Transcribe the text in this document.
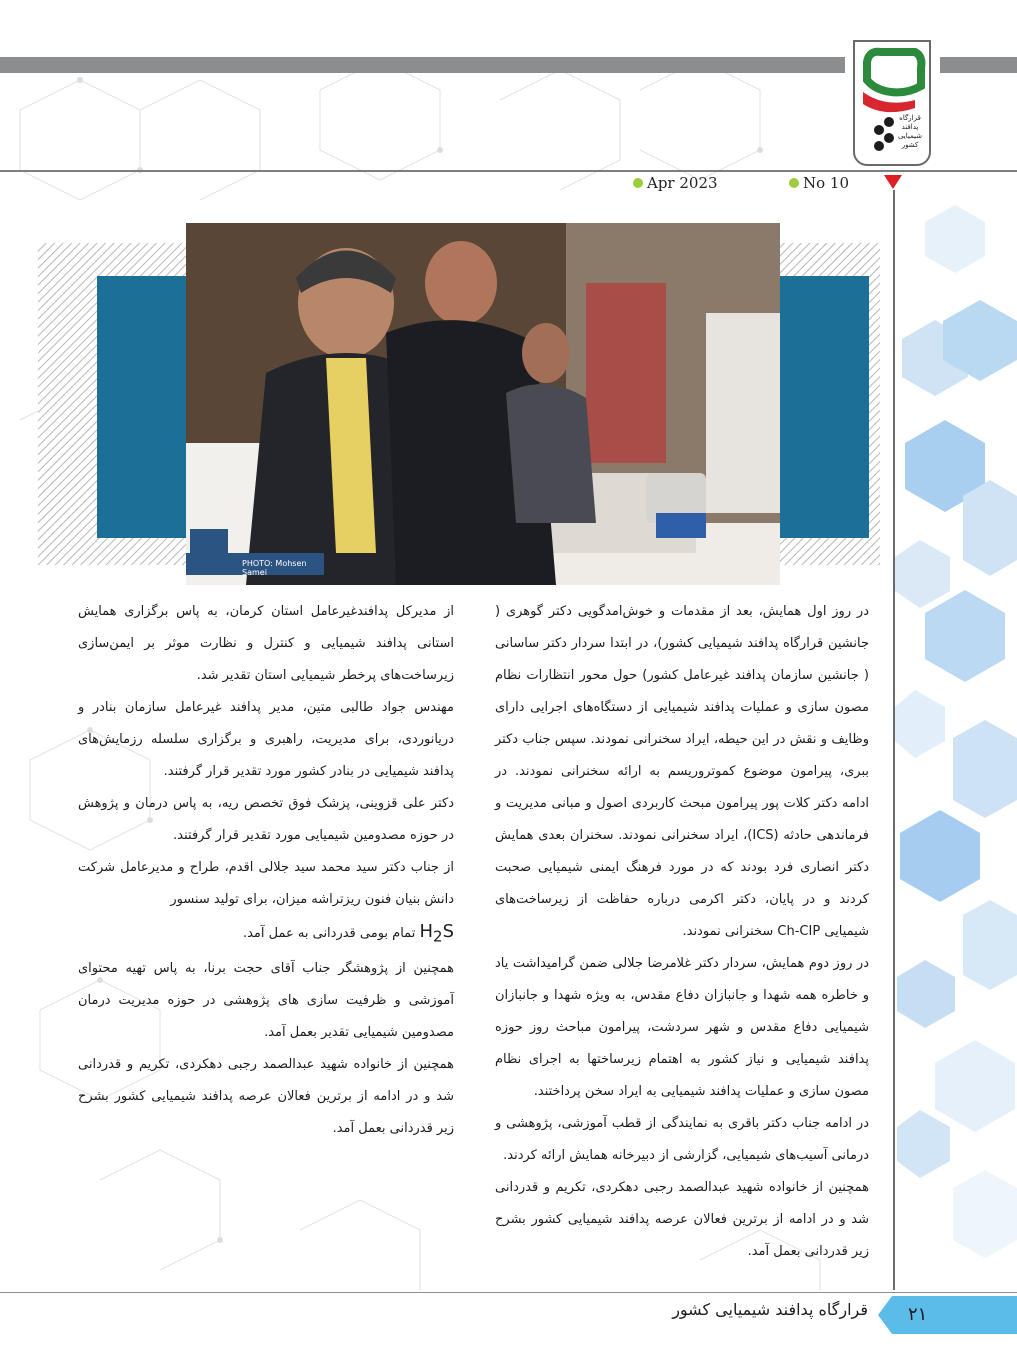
قرارگاه
پدافند
شیمیایی
کشور
Apr 2023	No 10
PHOTO: Mohsen Samei

در روز اول همایش، بعد از مقدمات و خوش‌امدگویی دکتر گوهری ( جانشین قرارگاه پدافند شیمیایی کشور)، در ابتدا سردار دکتر ساسانی ( جانشین سازمان پدافند غیرعامل کشور) حول محور انتظارات نظام مصون سازی و عملیات پدافند شیمیایی از دستگاه‌های اجرایی دارای وظایف و نقش در این حیطه، ایراد سخنرانی نمودند. سپس جناب دکتر ببری، پیرامون موضوع کموتروریسم به ارائه سخنرانی نمودند. در ادامه دکتر کلات پور پیرامون مبحث کاربردی اصول و مبانی مدیریت و فرماندهی حادثه (ICS)، ایراد سخنرانی نمودند. سخنران بعدی همایش دکتر انصاری فرد بودند که در مورد فرهنگ ایمنی شیمیایی صحبت کردند و در پایان، دکتر اکرمی درباره حفاظت از زیرساخت‌های شیمیایی Ch-CIP سخنرانی نمودند.

در روز دوم همایش، سردار دکتر غلامرضا جلالی ضمن گرامیداشت یاد و خاطره همه شهدا و جانبازان دفاع مقدس، به ویژه شهدا و جانبازان شیمیایی دفاع مقدس و شهر سردشت، پیرامون مباحث روز حوزه پدافند شیمیایی و نیاز کشور به اهتمام زیرساختها به اجرای نظام مصون سازی و عملیات پدافند شیمیایی به ایراد سخن پرداختند.

در ادامه جناب دکتر باقری به نمایندگی از قطب آموزشی، پژوهشی و درمانی آسیب‌های شیمیایی، گزارشی از دبیرخانه همایش ارائه کردند.

همچنین از خانواده شهید عبدالصمد رجبی دهکردی، تکریم و قدردانی شد و در ادامه از برترین فعالان عرصه پدافند شیمیایی کشور بشرح زیر قدردانی بعمل آمد.

از مدیرکل پدافندغیرعامل استان کرمان، به پاس برگزاری همایش استانی پدافند شیمیایی و کنترل و نظارت موثر بر ایمن‌سازی زیرساخت‌های پرخطر شیمیایی استان تقدیر شد.

مهندس جواد طالبی متین، مدیر پدافند غیرعامل سازمان بنادر و دریانوردی، برای مدیریت، راهبری و برگزاری سلسله رزمایش‌های پدافند شیمیایی در بنادر کشور مورد تقدیر قرار گرفتند.

دکتر علی قزوینی، پزشک فوق تخصص ریه، به پاس درمان و پژوهش در حوزه مصدومین شیمیایی مورد تقدیر قرار گرفتند.

از جناب دکتر سید محمد سید جلالی اقدم، طراح و مدیرعامل شرکت دانش بنیان فنون ریزتراشه میزان، برای تولید سنسور

$H_2S$ تمام بومی قدردانی به عمل آمد.

همچنین از پژوهشگر جناب آقای حجت برنا، به پاس تهیه محتوای آموزشی و ظرفیت سازی های پژوهشی در حوزه مدیریت درمان مصدومین شیمیایی تقدیر بعمل آمد.

همچنین از خانواده شهید عبدالصمد رجبی دهکردی، تکریم و قدردانی شد و در ادامه از برترین فعالان عرصه پدافند شیمیایی کشور بشرح زیر قدردانی بعمل آمد.

قرارگاه پدافند شیمیایی کشور ۲۱
